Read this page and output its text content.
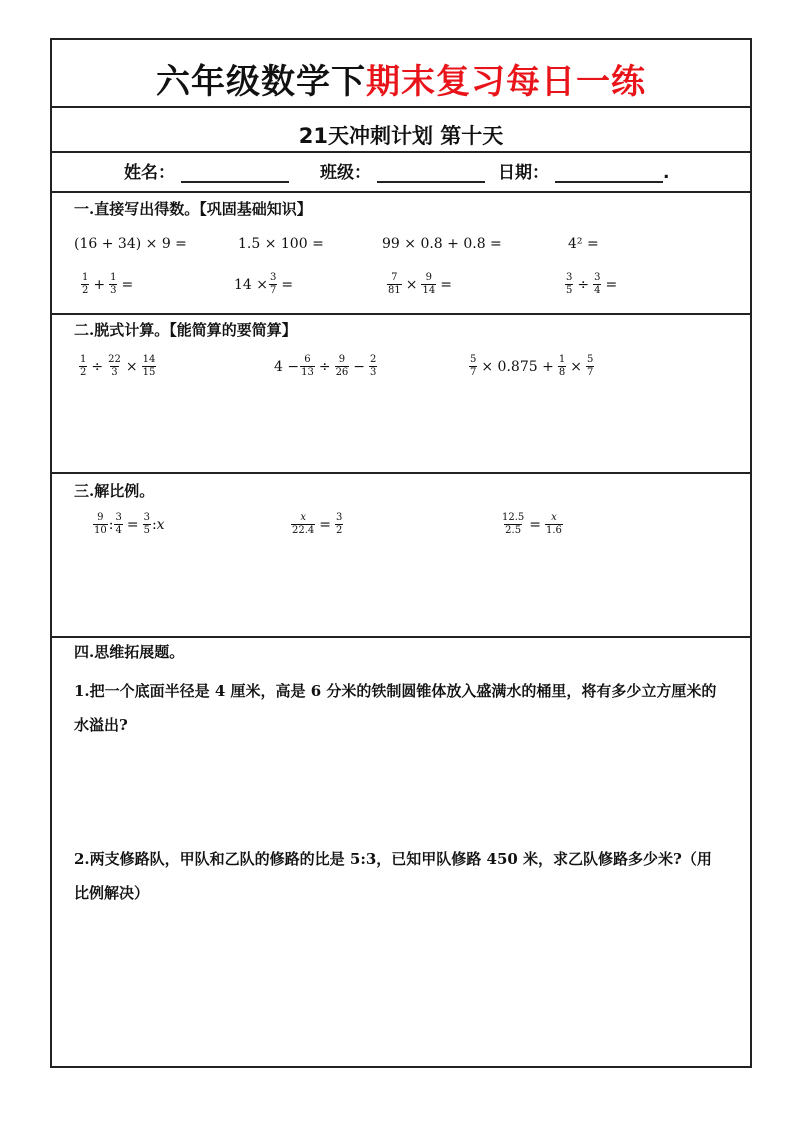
六年级数学下期末复习每日一练
21天冲刺计划 第十天
姓名：	班级：	日期：	.
一.直接写出得数。【巩固基础知识】
(16 + 34) × 9 =	1.5 × 100 =	99 × 0.8 + 0.8 =	4² =
$\frac{1}{2} + \frac{1}{3}$ =	$14 \times \frac{3}{7}$ =	$\frac{7}{81} \times \frac{9}{14}$ =	$\frac{3}{5} \div \frac{3}{4}$ =
二.脱式计算。【能简算的要简算】
$\frac{1}{2} \div \frac{22}{3} \times \frac{14}{15}$	$4 - \frac{6}{13} \div \frac{9}{26} - \frac{2}{3}$	$\frac{5}{7} \times 0.875 + \frac{1}{8} \times \frac{5}{7}$
三.解比例。
$\frac{9}{10}$ : $\frac{3}{4} = \frac{3}{5}$ : x	$\frac{x}{22.4} = \frac{3}{2}$	$\frac{12.5}{2.5} = \frac{x}{1.6}$
四.思维拓展题。
1.把一个底面半径是 4 厘米，高是 6 分米的铁制圆锥体放入盛满水的桶里，将有多少立方厘米的水溢出?
2.两支修路队，甲队和乙队的修路的比是 5:3，已知甲队修路 450 米，求乙队修路多少米?（用比例解决）
